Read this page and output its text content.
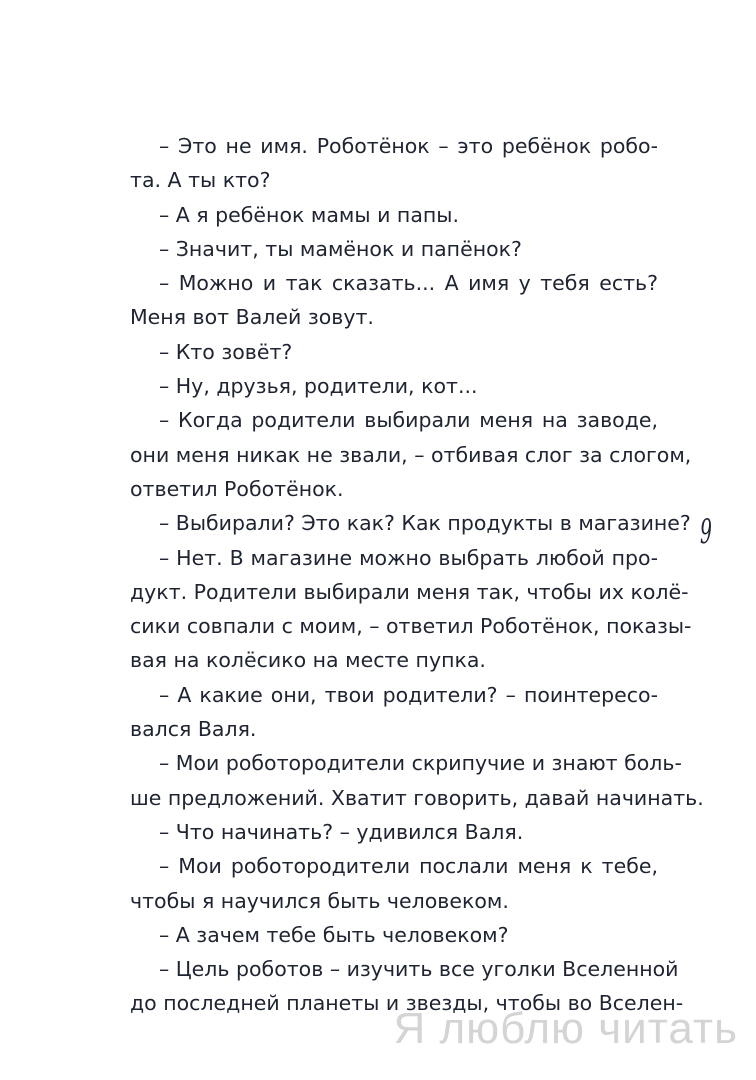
– Это не имя. Роботёнок – это ребёнок робо-
та. А ты кто?
– А я ребёнок мамы и папы.
– Значит, ты мамёнок и папёнок?
– Можно и так сказать... А имя у тебя есть?
Меня вот Валей зовут.
– Кто зовёт?
– Ну, друзья, родители, кот...
– Когда родители выбирали меня на заводе,
они меня никак не звали, – отбивая слог за слогом,
ответил Роботёнок.
– Выбирали? Это как? Как продукты в магазине?
– Нет. В магазине можно выбрать любой про-
дукт. Родители выбирали меня так, чтобы их колё-
сики совпали с моим, – ответил Роботёнок, показы-
вая на колёсико на месте пупка.
– А какие они, твои родители? – поинтересо-
вался Валя.
– Мои роботородители скрипучие и знают боль-
ше предложений. Хватит говорить, давай начинать.
– Что начинать? – удивился Валя.
– Мои роботородители послали меня к тебе,
чтобы я научился быть человеком.
– А зачем тебе быть человеком?
– Цель роботов – изучить все уголки Вселенной
до последней планеты и звезды, чтобы во Вселен-
9
Я люблю читать
